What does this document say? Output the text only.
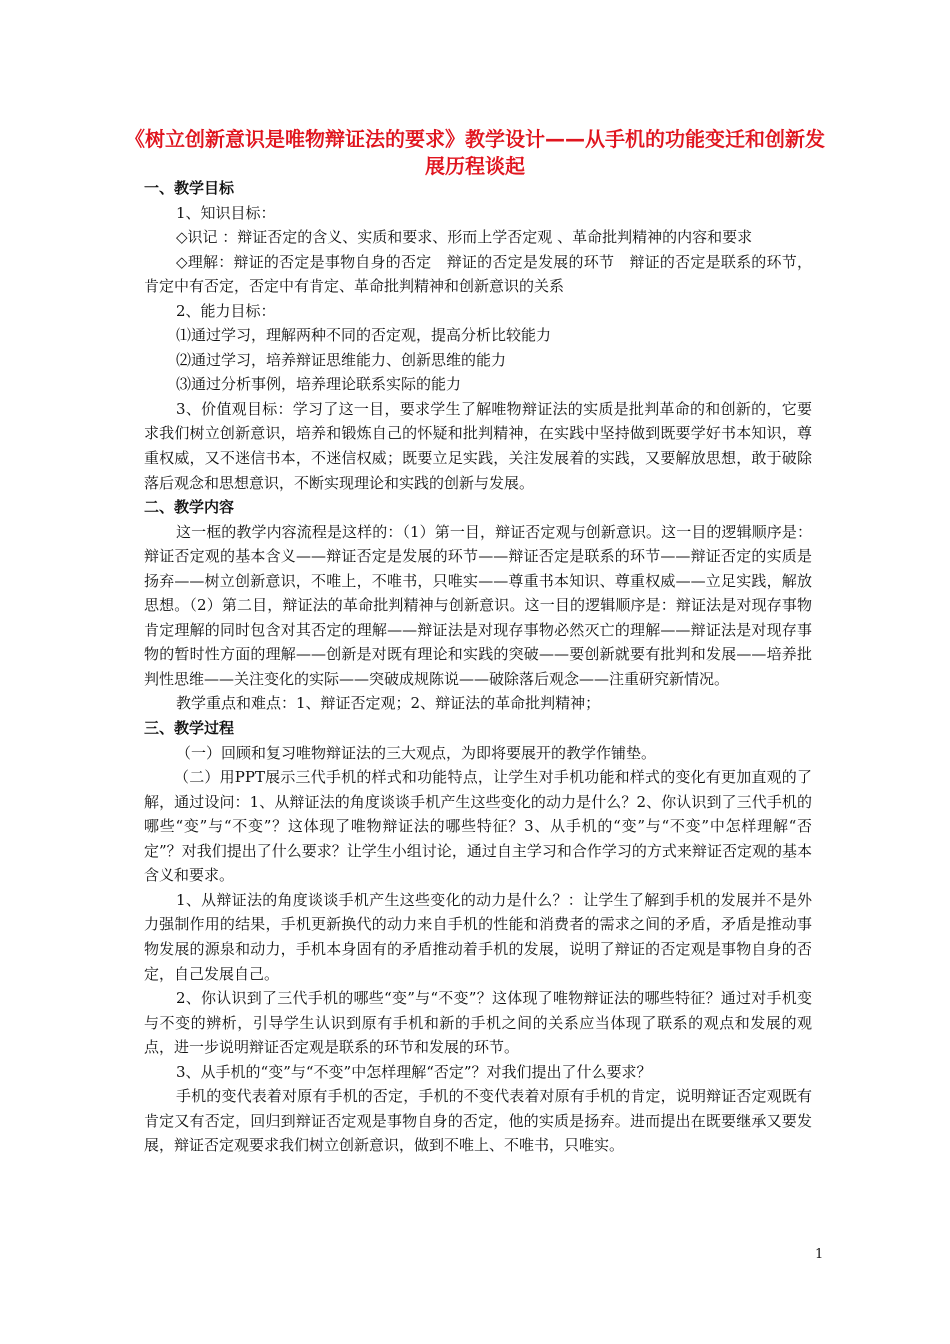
《树立创新意识是唯物辩证法的要求》教学设计——从手机的功能变迁和创新发展历程谈起

一、教学目标

1、知识目标：

◇识记 ：辩证否定的含义、实质和要求、形而上学否定观 、革命批判精神的内容和要求

◇理解：辩证的否定是事物自身的否定　辩证的否定是发展的环节　辩证的否定是联系的环节，肯定中有否定，否定中有肯定、革命批判精神和创新意识的关系

2、能力目标：

⑴通过学习，理解两种不同的否定观，提高分析比较能力

⑵通过学习，培养辩证思维能力、创新思维的能力

⑶通过分析事例，培养理论联系实际的能力

3、价值观目标：学习了这一目，要求学生了解唯物辩证法的实质是批判革命的和创新的，它要求我们树立创新意识，培养和锻炼自己的怀疑和批判精神，在实践中坚持做到既要学好书本知识，尊重权威，又不迷信书本，不迷信权威；既要立足实践，关注发展着的实践，又要解放思想，敢于破除落后观念和思想意识，不断实现理论和实践的创新与发展。

二、教学内容

这一框的教学内容流程是这样的：（1）第一目，辩证否定观与创新意识。这一目的逻辑顺序是：辩证否定观的基本含义——辩证否定是发展的环节——辩证否定是联系的环节——辩证否定的实质是扬弃——树立创新意识，不唯上，不唯书，只唯实——尊重书本知识、尊重权威——立足实践，解放思想。（2）第二目，辩证法的革命批判精神与创新意识。这一目的逻辑顺序是：辩证法是对现存事物肯定理解的同时包含对其否定的理解——辩证法是对现存事物必然灭亡的理解——辩证法是对现存事物的暂时性方面的理解——创新是对既有理论和实践的突破——要创新就要有批判和发展——培养批判性思维——关注变化的实际——突破成规陈说——破除落后观念——注重研究新情况。

教学重点和难点：1、辩证否定观；2、辩证法的革命批判精神；

三、教学过程

（一）回顾和复习唯物辩证法的三大观点，为即将要展开的教学作铺垫。

（二）用PPT展示三代手机的样式和功能特点，让学生对手机功能和样式的变化有更加直观的了解，通过设问：1、从辩证法的角度谈谈手机产生这些变化的动力是什么？2、你认识到了三代手机的哪些“变”与“不变”？这体现了唯物辩证法的哪些特征？3、从手机的“变”与“不变”中怎样理解“否定”？对我们提出了什么要求？让学生小组讨论，通过自主学习和合作学习的方式来辩证否定观的基本含义和要求。

1、从辩证法的角度谈谈手机产生这些变化的动力是什么？：让学生了解到手机的发展并不是外力强制作用的结果，手机更新换代的动力来自手机的性能和消费者的需求之间的矛盾，矛盾是推动事物发展的源泉和动力，手机本身固有的矛盾推动着手机的发展，说明了辩证的否定观是事物自身的否定，自己发展自己。

2、你认识到了三代手机的哪些“变”与“不变”？这体现了唯物辩证法的哪些特征？通过对手机变与不变的辨析，引导学生认识到原有手机和新的手机之间的关系应当体现了联系的观点和发展的观点，进一步说明辩证否定观是联系的环节和发展的环节。

3、从手机的“变”与“不变”中怎样理解“否定”？对我们提出了什么要求？

手机的变代表着对原有手机的否定，手机的不变代表着对原有手机的肯定，说明辩证否定观既有肯定又有否定，回归到辩证否定观是事物自身的否定，他的实质是扬弃。进而提出在既要继承又要发展，辩证否定观要求我们树立创新意识，做到不唯上、不唯书，只唯实。

1
